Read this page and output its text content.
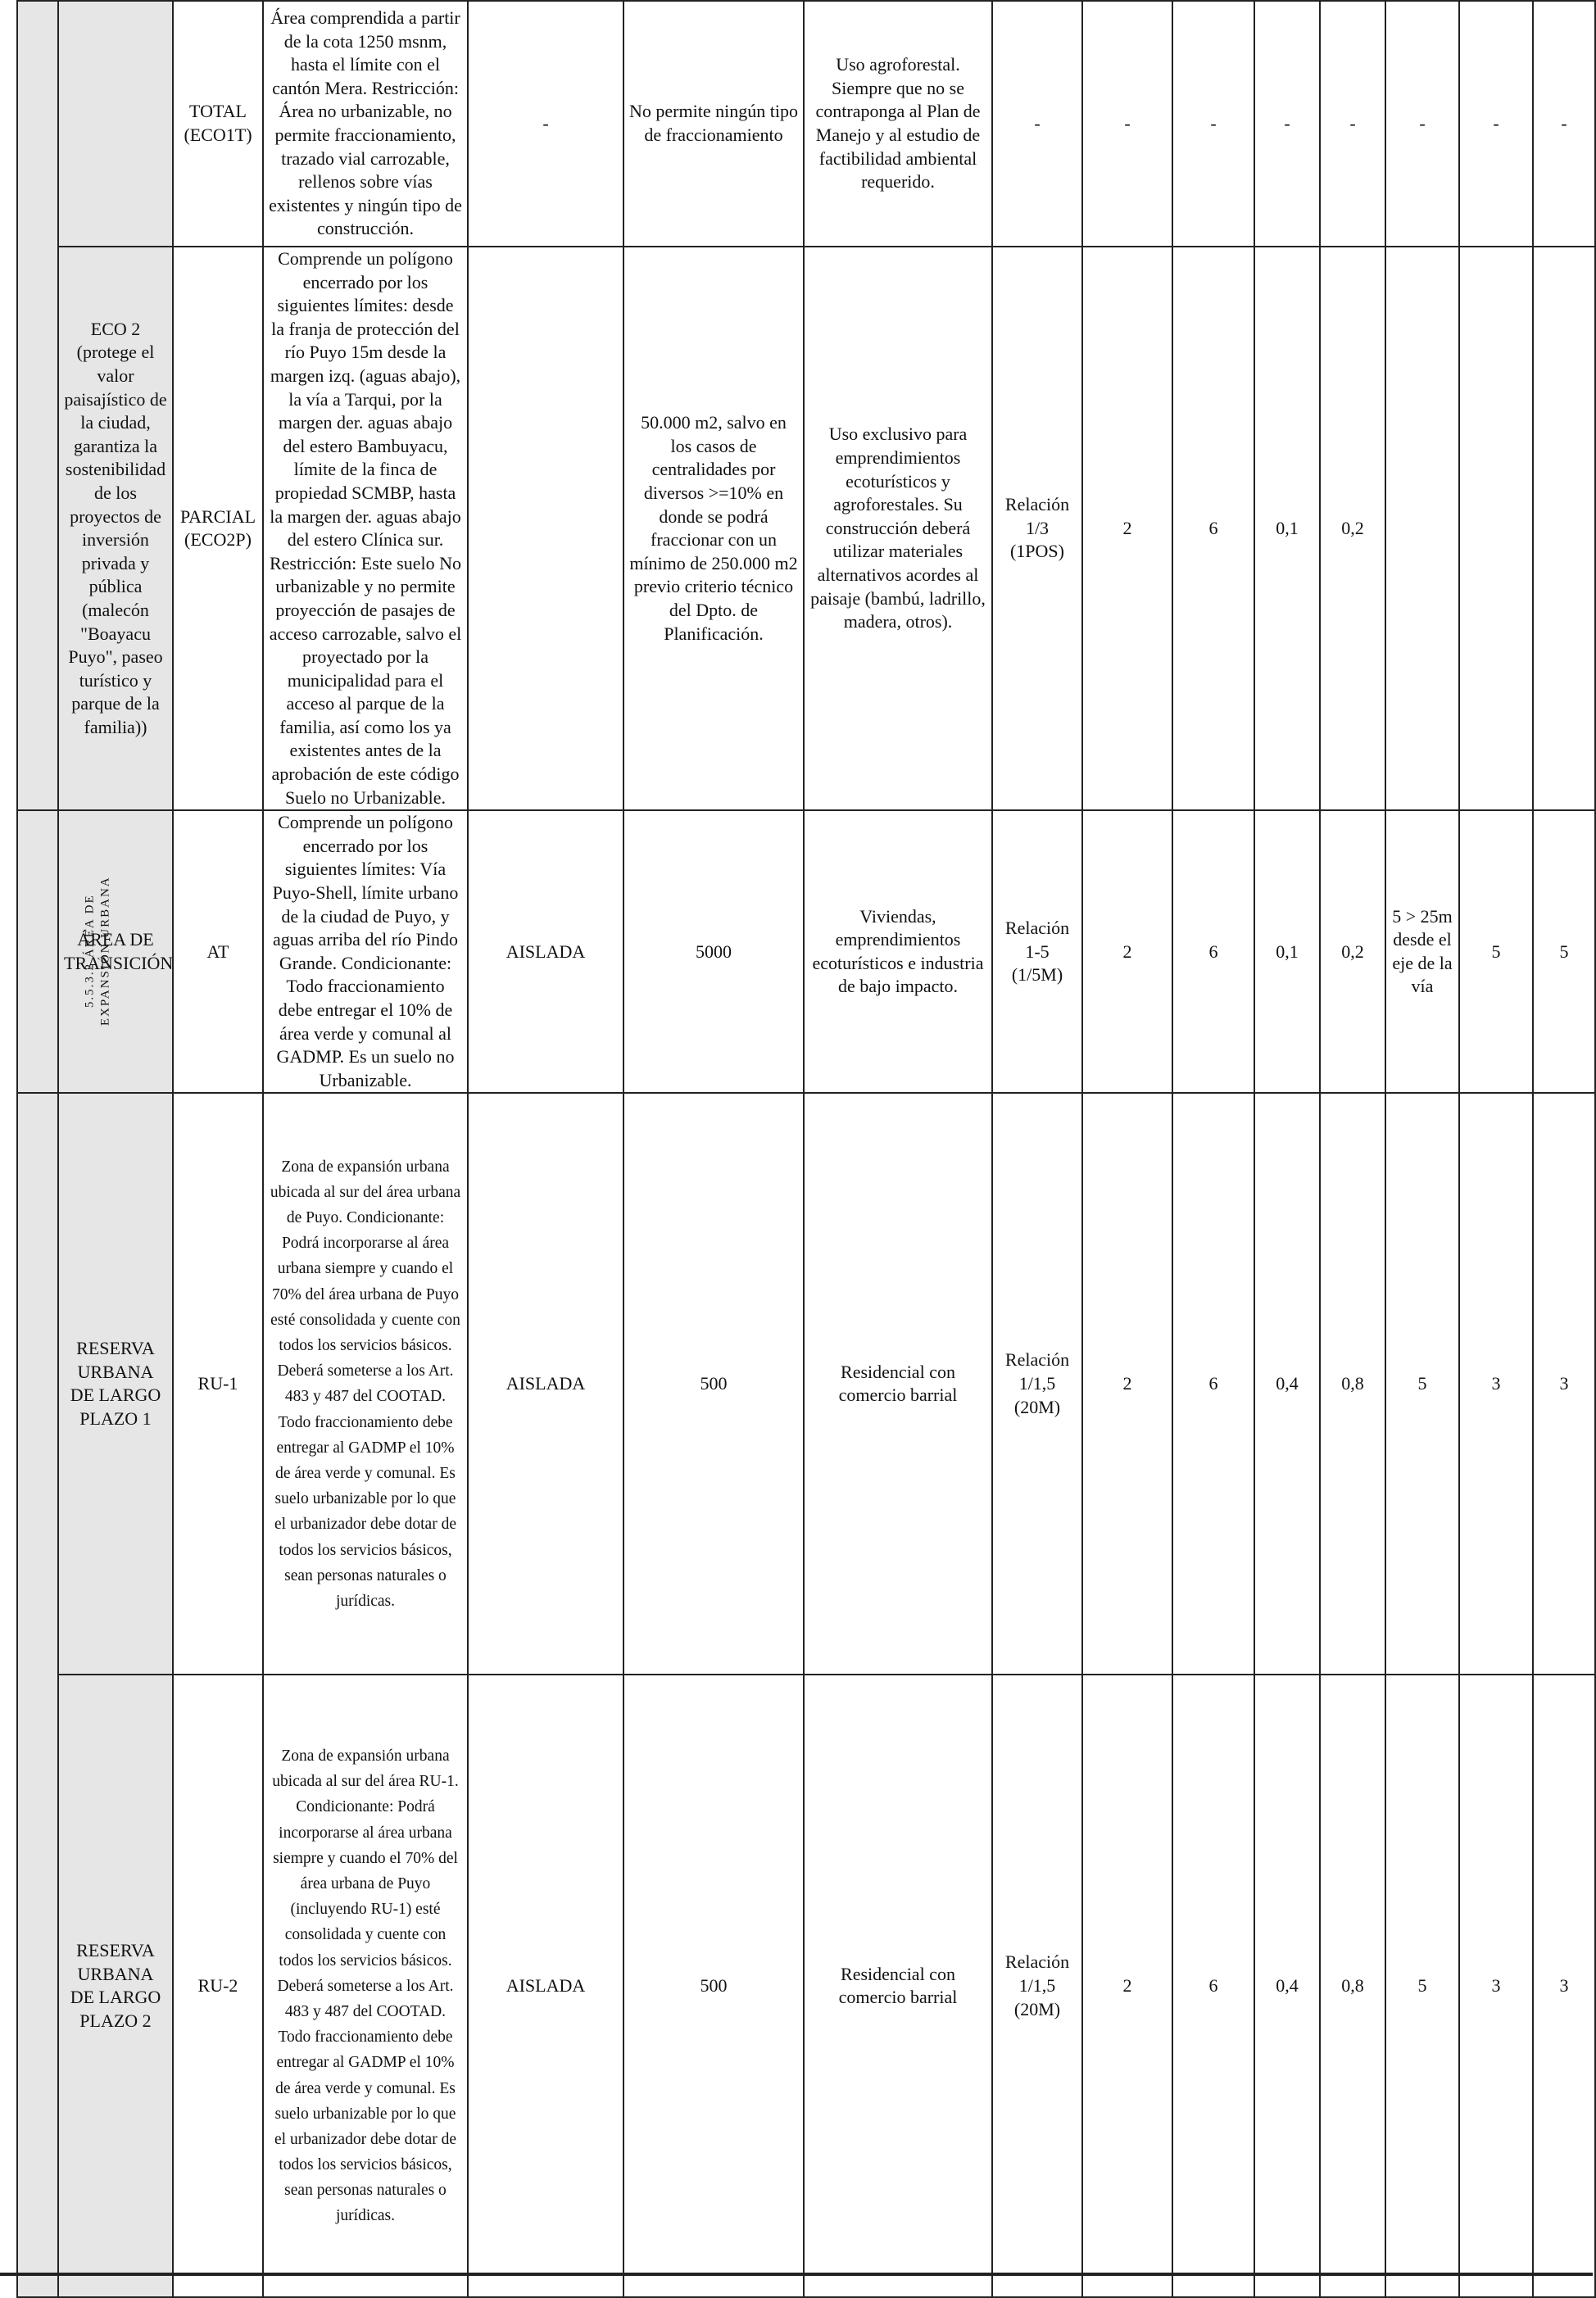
		TOTAL (ECO1T)	Área comprendida a partir de la cota 1250 msnm, hasta el límite con el cantón Mera. Restricción: Área no urbanizable, no permite fraccionamiento, trazado vial carrozable, rellenos sobre vías existentes y ningún tipo de construcción.	-	No permite ningún tipo de fraccionamiento	Uso agroforestal. Siempre que no se contraponga al Plan de Manejo y al estudio de factibilidad ambiental requerido.	-	-	-	-	-	-	-	-
	ECO 2 (protege el valor paisajístico de la ciudad, garantiza la sostenibilidad de los proyectos de inversión privada y pública (malecón "Boayacu Puyo", paseo turístico y parque de la familia))	PARCIAL (ECO2P)	Comprende un polígono encerrado por los siguientes límites: desde la franja de protección del río Puyo 15m desde la margen izq. (aguas abajo), la vía a Tarqui, por la margen der. aguas abajo del estero Bambuyacu, límite de la finca de propiedad SCMBP, hasta la margen der. aguas abajo del estero Clínica sur. Restricción: Este suelo No urbanizable y no permite proyección de pasajes de acceso carrozable, salvo el proyectado por la municipalidad para el acceso al parque de la familia, así como los ya existentes antes de la aprobación de este código Suelo no Urbanizable.		50.000 m2, salvo en los casos de centralidades por diversos >=10% en donde se podrá fraccionar con un mínimo de 250.000 m2 previo criterio técnico del Dpto. de Planificación.	Uso exclusivo para emprendimientos ecoturísticos y agroforestales. Su construcción deberá utilizar materiales alternativos acordes al paisaje (bambú, ladrillo, madera, otros).	Relación 1/3 (1POS)	2	6	0,1	0,2			
5.5.3.2 ÁREA DE EXPANSIÓN URBANA	ÁREA DE TRANSICIÓN	AT	Comprende un polígono encerrado por los siguientes límites: Vía Puyo-Shell, límite urbano de la ciudad de Puyo, y aguas arriba del río Pindo Grande. Condicionante: Todo fraccionamiento debe entregar el 10% de área verde y comunal al GADMP. Es un suelo no Urbanizable.	AISLADA	5000	Viviendas, emprendimientos ecoturísticos e industria de bajo impacto.	Relación 1-5 (1/5M)	2	6	0,1	0,2	5 > 25m desde el eje de la vía	5	5
	RESERVA URBANA DE LARGO PLAZO 1	RU-1	Zona de expansión urbana ubicada al sur del área urbana de Puyo. Condicionante: Podrá incorporarse al área urbana siempre y cuando el 70% del área urbana de Puyo esté consolidada y cuente con todos los servicios básicos. Deberá someterse a los Art. 483 y 487 del COOTAD. Todo fraccionamiento debe entregar al GADMP el 10% de área verde y comunal. Es suelo urbanizable por lo que el urbanizador debe dotar de todos los servicios básicos, sean personas naturales o jurídicas.	AISLADA	500	Residencial con comercio barrial	Relación 1/1,5 (20M)	2	6	0,4	0,8	5	3	3
	RESERVA URBANA DE LARGO PLAZO 2	RU-2	Zona de expansión urbana ubicada al sur del área RU-1. Condicionante: Podrá incorporarse al área urbana siempre y cuando el 70% del área urbana de Puyo (incluyendo RU-1) esté consolidada y cuente con todos los servicios básicos. Deberá someterse a los Art. 483 y 487 del COOTAD. Todo fraccionamiento debe entregar al GADMP el 10% de área verde y comunal. Es suelo urbanizable por lo que el urbanizador debe dotar de todos los servicios básicos, sean personas naturales o jurídicas.	AISLADA	500	Residencial con comercio barrial	Relación 1/1,5 (20M)	2	6	0,4	0,8	5	3	3
